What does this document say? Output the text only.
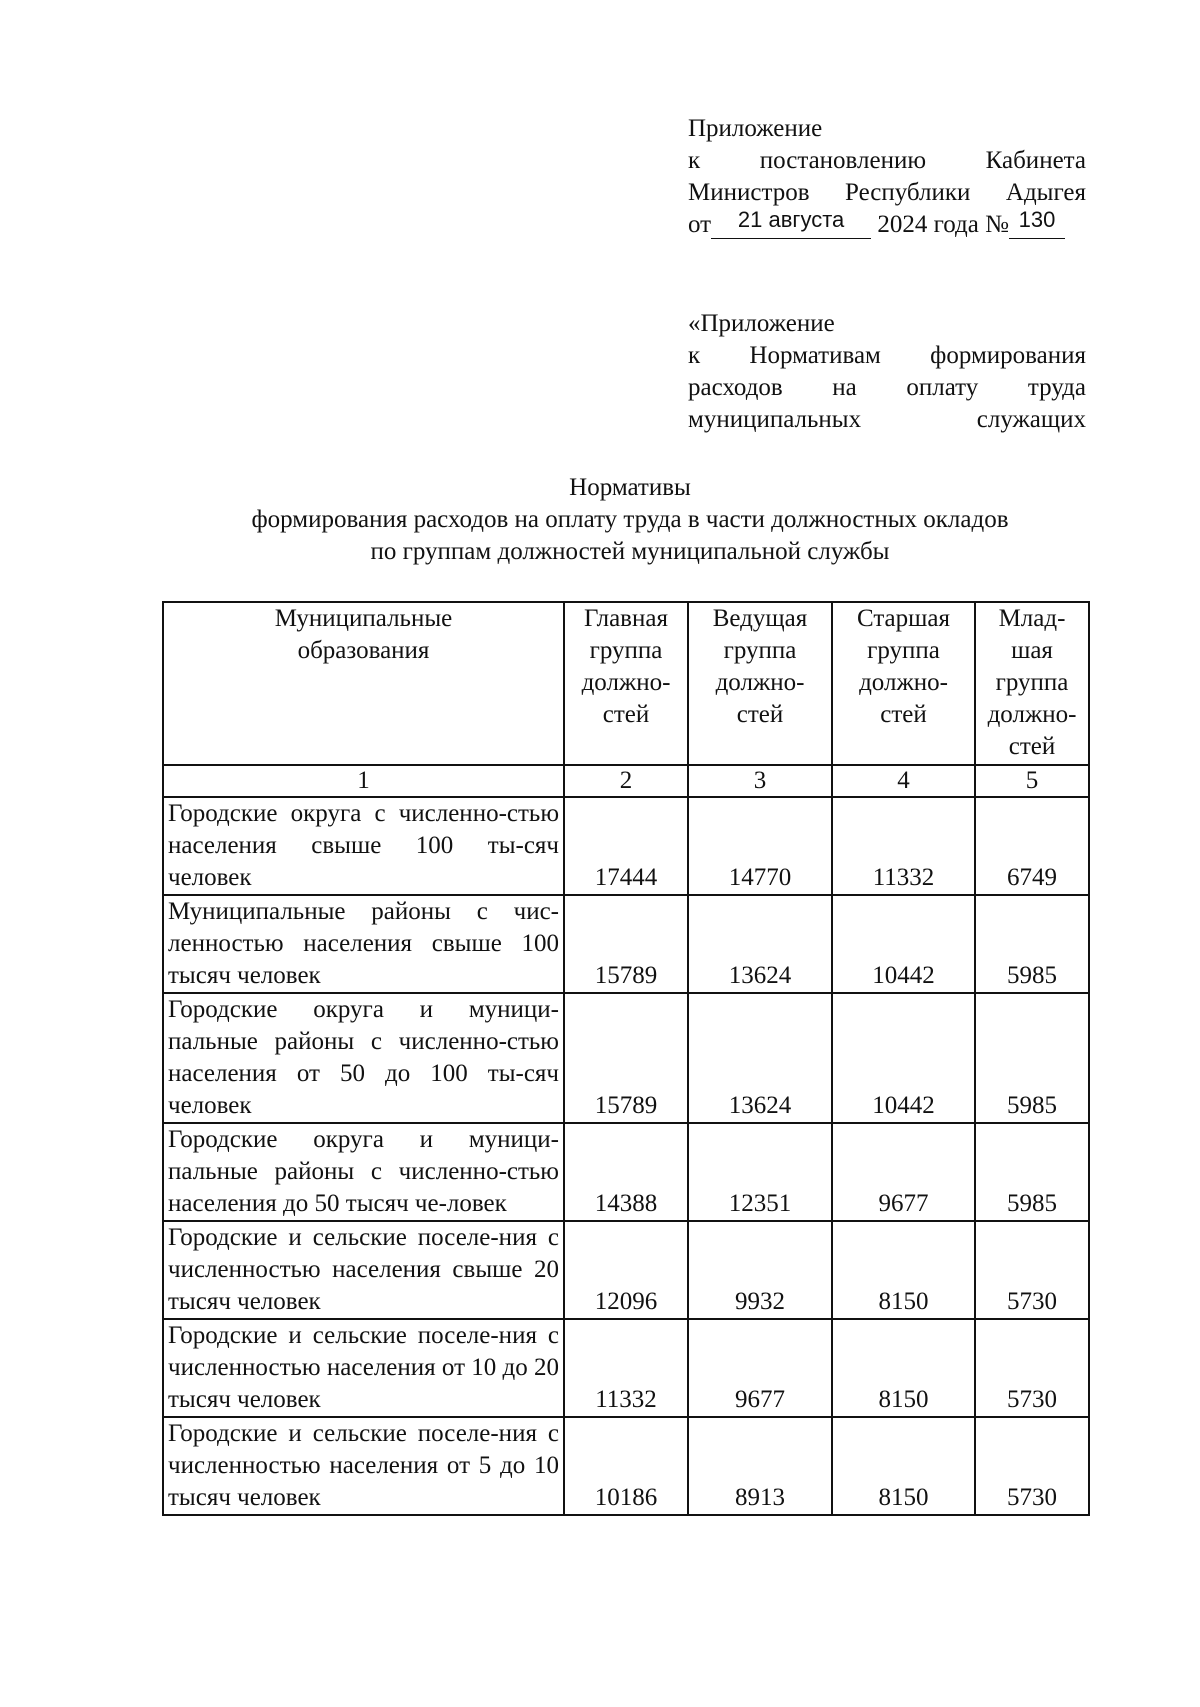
Приложение
к постановлению Кабинета
Министров Республики Адыгея
от 21 августа 2024 года № 130
«Приложение
к Нормативам формирования
расходов на оплату труда
муниципальных служащих
Нормативы
формирования расходов на оплату труда в части должностных окладов
по группам должностей муниципальной службы
Муниципальные образования	Главная группа должно-стей	Ведущая группа должно-стей	Старшая группа должно-стей	Млад-шая группа должно-стей
1	2	3	4	5
Городские округа с численно-стью населения свыше 100 ты-сяч человек	17444	14770	11332	6749
Муниципальные районы с чис-ленностью населения свыше 100 тысяч человек	15789	13624	10442	5985
Городские округа и муници-пальные районы с численно-стью населения от 50 до 100 ты-сяч человек	15789	13624	10442	5985
Городские округа и муници-пальные районы с численно-стью населения до 50 тысяч че-ловек	14388	12351	9677	5985
Городские и сельские поселе-ния с численностью населения свыше 20 тысяч человек	12096	9932	8150	5730
Городские и сельские поселе-ния с численностью населения от 10 до 20 тысяч человек	11332	9677	8150	5730
Городские и сельские поселе-ния с численностью населения от 5 до 10 тысяч человек	10186	8913	8150	5730
